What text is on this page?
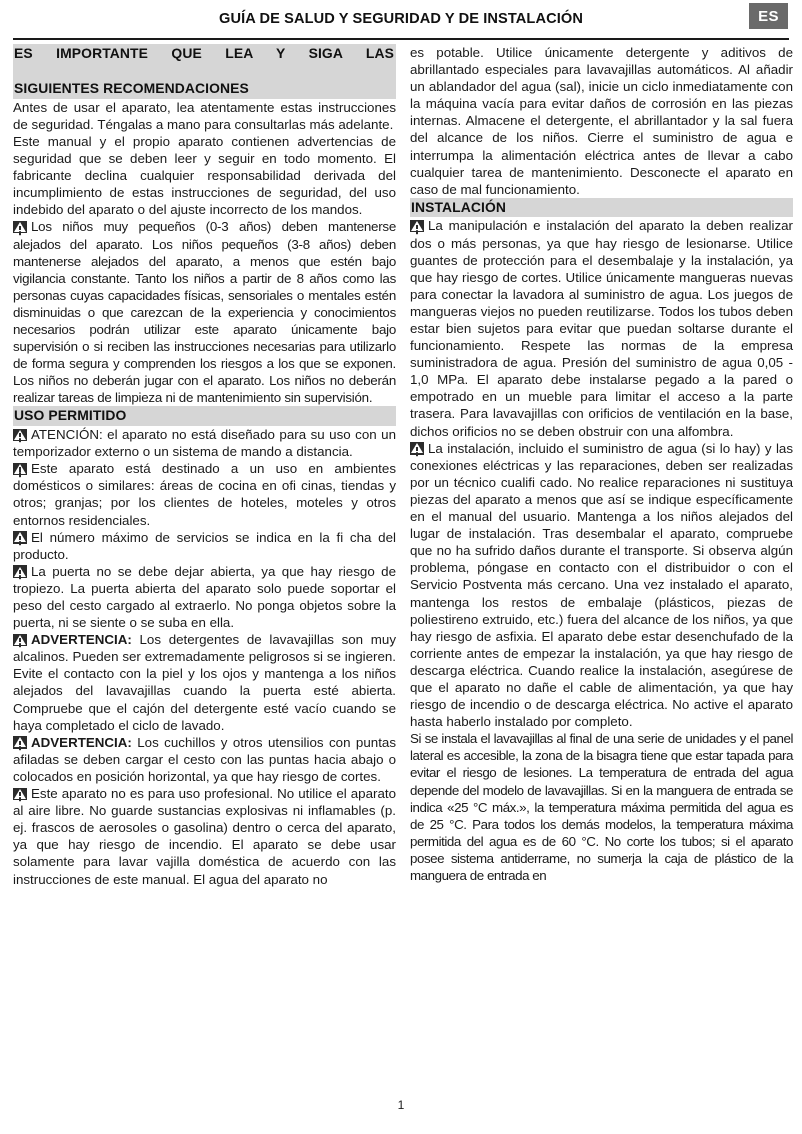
GUÍA DE SALUD Y SEGURIDAD Y DE INSTALACIÓN	ES
ES IMPORTANTE QUE LEA Y SIGA LAS
SIGUIENTES RECOMENDACIONES

Antes de usar el aparato, lea atentamente estas instrucciones de seguridad. Téngalas a mano para consultarlas más adelante.

Este manual y el propio aparato contienen advertencias de seguridad que se deben leer y seguir en todo momento. El fabricante declina cualquier responsabilidad derivada del incumplimiento de estas instrucciones de seguridad, del uso indebido del aparato o del ajuste incorrecto de los mandos.

Los niños muy pequeños (0-3 años) deben mantenerse alejados del aparato. Los niños pequeños (3-8 años) deben mantenerse alejados del aparato, a menos que estén bajo vigilancia constante. Tanto los niños a partir de 8 años como las personas cuyas capacidades físicas, sensoriales o mentales estén disminuidas o que carezcan de la experiencia y conocimientos necesarios podrán utilizar este aparato únicamente bajo supervisión o si reciben las instrucciones necesarias para utilizarlo de forma segura y comprenden los riesgos a los que se exponen. Los niños no deberán jugar con el aparato. Los niños no deberán realizar tareas de limpieza ni de mantenimiento sin supervisión.

USO PERMITIDO

ATENCIÓN: el aparato no está diseñado para su uso con un temporizador externo o un sistema de mando a distancia.

Este aparato está destinado a un uso en ambientes domésticos o similares: áreas de cocina en ofi cinas, tiendas y otros; granjas; por los clientes de hoteles, moteles y otros entornos residenciales.

El número máximo de servicios se indica en la fi cha del producto.

La puerta no se debe dejar abierta, ya que hay riesgo de tropiezo. La puerta abierta del aparato solo puede soportar el peso del cesto cargado al extraerlo. No ponga objetos sobre la puerta, ni se siente o se suba en ella.

ADVERTENCIA: Los detergentes de lavavajillas son muy alcalinos. Pueden ser extremadamente peligrosos si se ingieren. Evite el contacto con la piel y los ojos y mantenga a los niños alejados del lavavajillas cuando la puerta esté abierta. Compruebe que el cajón del detergente esté vacío cuando se haya completado el ciclo de lavado.

ADVERTENCIA: Los cuchillos y otros utensilios con puntas afiladas se deben cargar el cesto con las puntas hacia abajo o colocados en posición horizontal, ya que hay riesgo de cortes.

Este aparato no es para uso profesional. No utilice el aparato al aire libre. No guarde sustancias explosivas ni inflamables (p. ej. frascos de aerosoles o gasolina) dentro o cerca del aparato, ya que hay riesgo de incendio. El aparato se debe usar solamente para lavar vajilla doméstica de acuerdo con las instrucciones de este manual. El agua del aparato no

es potable. Utilice únicamente detergente y aditivos de abrillantado especiales para lavavajillas automáticos. Al añadir un ablandador del agua (sal), inicie un ciclo inmediatamente con la máquina vacía para evitar daños de corrosión en las piezas internas. Almacene el detergente, el abrillantador y la sal fuera del alcance de los niños. Cierre el suministro de agua e interrumpa la alimentación eléctrica antes de llevar a cabo cualquier tarea de mantenimiento. Desconecte el aparato en caso de mal funcionamiento.

INSTALACIÓN

La manipulación e instalación del aparato la deben realizar dos o más personas, ya que hay riesgo de lesionarse. Utilice guantes de protección para el desembalaje y la instalación, ya que hay riesgo de cortes. Utilice únicamente mangueras nuevas para conectar la lavadora al suministro de agua. Los juegos de mangueras viejos no pueden reutilizarse. Todos los tubos deben estar bien sujetos para evitar que puedan soltarse durante el funcionamiento. Respete las normas de la empresa suministradora de agua. Presión del suministro de agua 0,05 - 1,0 MPa. El aparato debe instalarse pegado a la pared o empotrado en un mueble para limitar el acceso a la parte trasera. Para lavavajillas con orificios de ventilación en la base, dichos orificios no se deben obstruir con una alfombra.

La instalación, incluido el suministro de agua (si lo hay) y las conexiones eléctricas y las reparaciones, deben ser realizadas por un técnico cualifi cado. No realice reparaciones ni sustituya piezas del aparato a menos que así se indique específicamente en el manual del usuario. Mantenga a los niños alejados del lugar de instalación. Tras desembalar el aparato, compruebe que no ha sufrido daños durante el transporte. Si observa algún problema, póngase en contacto con el distribuidor o con el Servicio Postventa más cercano. Una vez instalado el aparato, mantenga los restos de embalaje (plásticos, piezas de poliestireno extruido, etc.) fuera del alcance de los niños, ya que hay riesgo de asfixia. El aparato debe estar desenchufado de la corriente antes de empezar la instalación, ya que hay riesgo de descarga eléctrica. Cuando realice la instalación, asegúrese de que el aparato no dañe el cable de alimentación, ya que hay riesgo de incendio o de descarga eléctrica. No active el aparato hasta haberlo instalado por completo.

Si se instala el lavavajillas al final de una serie de unidades y el panel lateral es accesible, la zona de la bisagra tiene que estar tapada para evitar el riesgo de lesiones. La temperatura de entrada del agua depende del modelo de lavavajillas. Si en la manguera de entrada se indica «25 °C máx.», la temperatura máxima permitida del agua es de 25 °C. Para todos los demás modelos, la temperatura máxima permitida del agua es de 60 °C. No corte los tubos; si el aparato posee sistema antiderrame, no sumerja la caja de plástico de la manguera de entrada en

1
